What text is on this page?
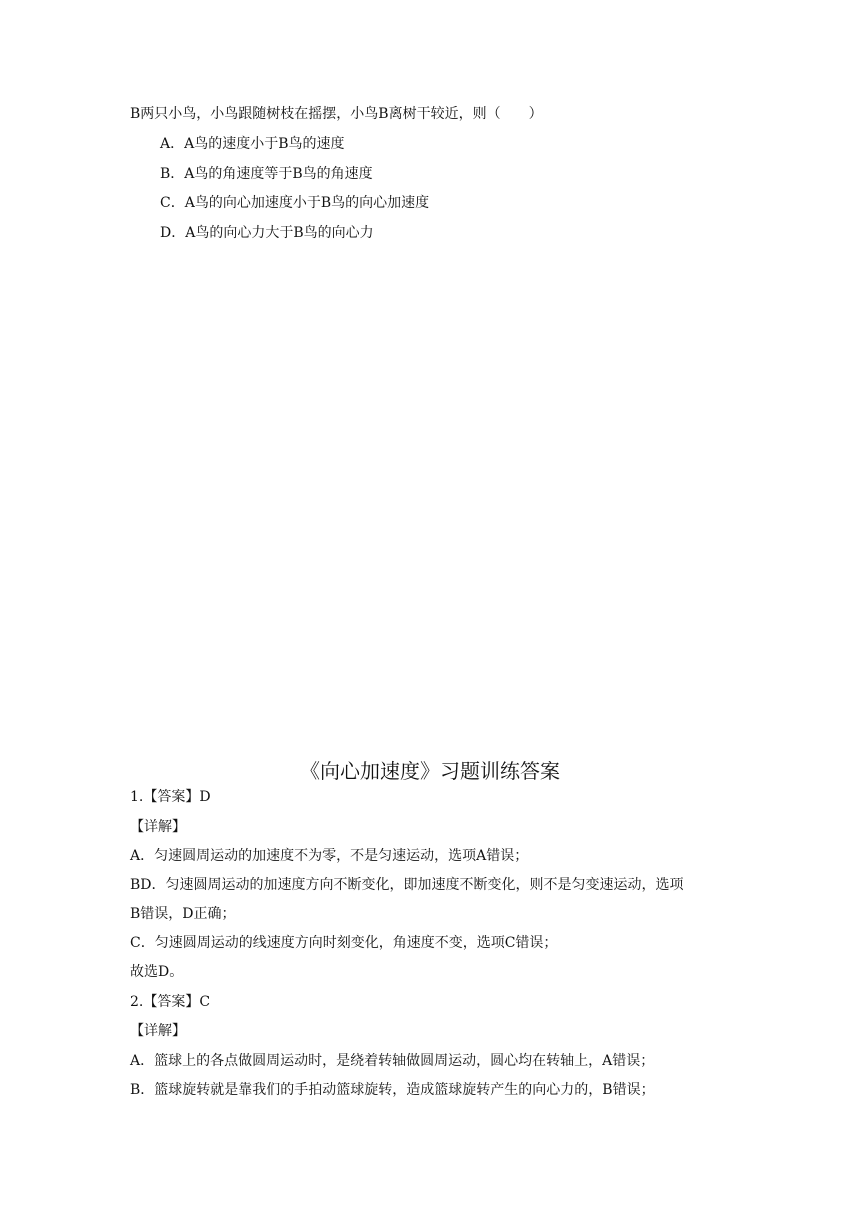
B两只小鸟，小鸟跟随树枝在摇摆，小鸟B离树干较近，则（　　）
A．A鸟的速度小于B鸟的速度
B．A鸟的角速度等于B鸟的角速度
C．A鸟的向心加速度小于B鸟的向心加速度
D．A鸟的向心力大于B鸟的向心力
《向心加速度》习题训练答案
1.【答案】D
【详解】
A．匀速圆周运动的加速度不为零，不是匀速运动，选项A错误；
BD．匀速圆周运动的加速度方向不断变化，即加速度不断变化，则不是匀变速运动，选项
B错误，D正确；
C．匀速圆周运动的线速度方向时刻变化，角速度不变，选项C错误；
故选D。
2.【答案】C
【详解】
A．篮球上的各点做圆周运动时，是绕着转轴做圆周运动，圆心均在转轴上，A错误；
B．篮球旋转就是靠我们的手拍动篮球旋转，造成篮球旋转产生的向心力的，B错误；
